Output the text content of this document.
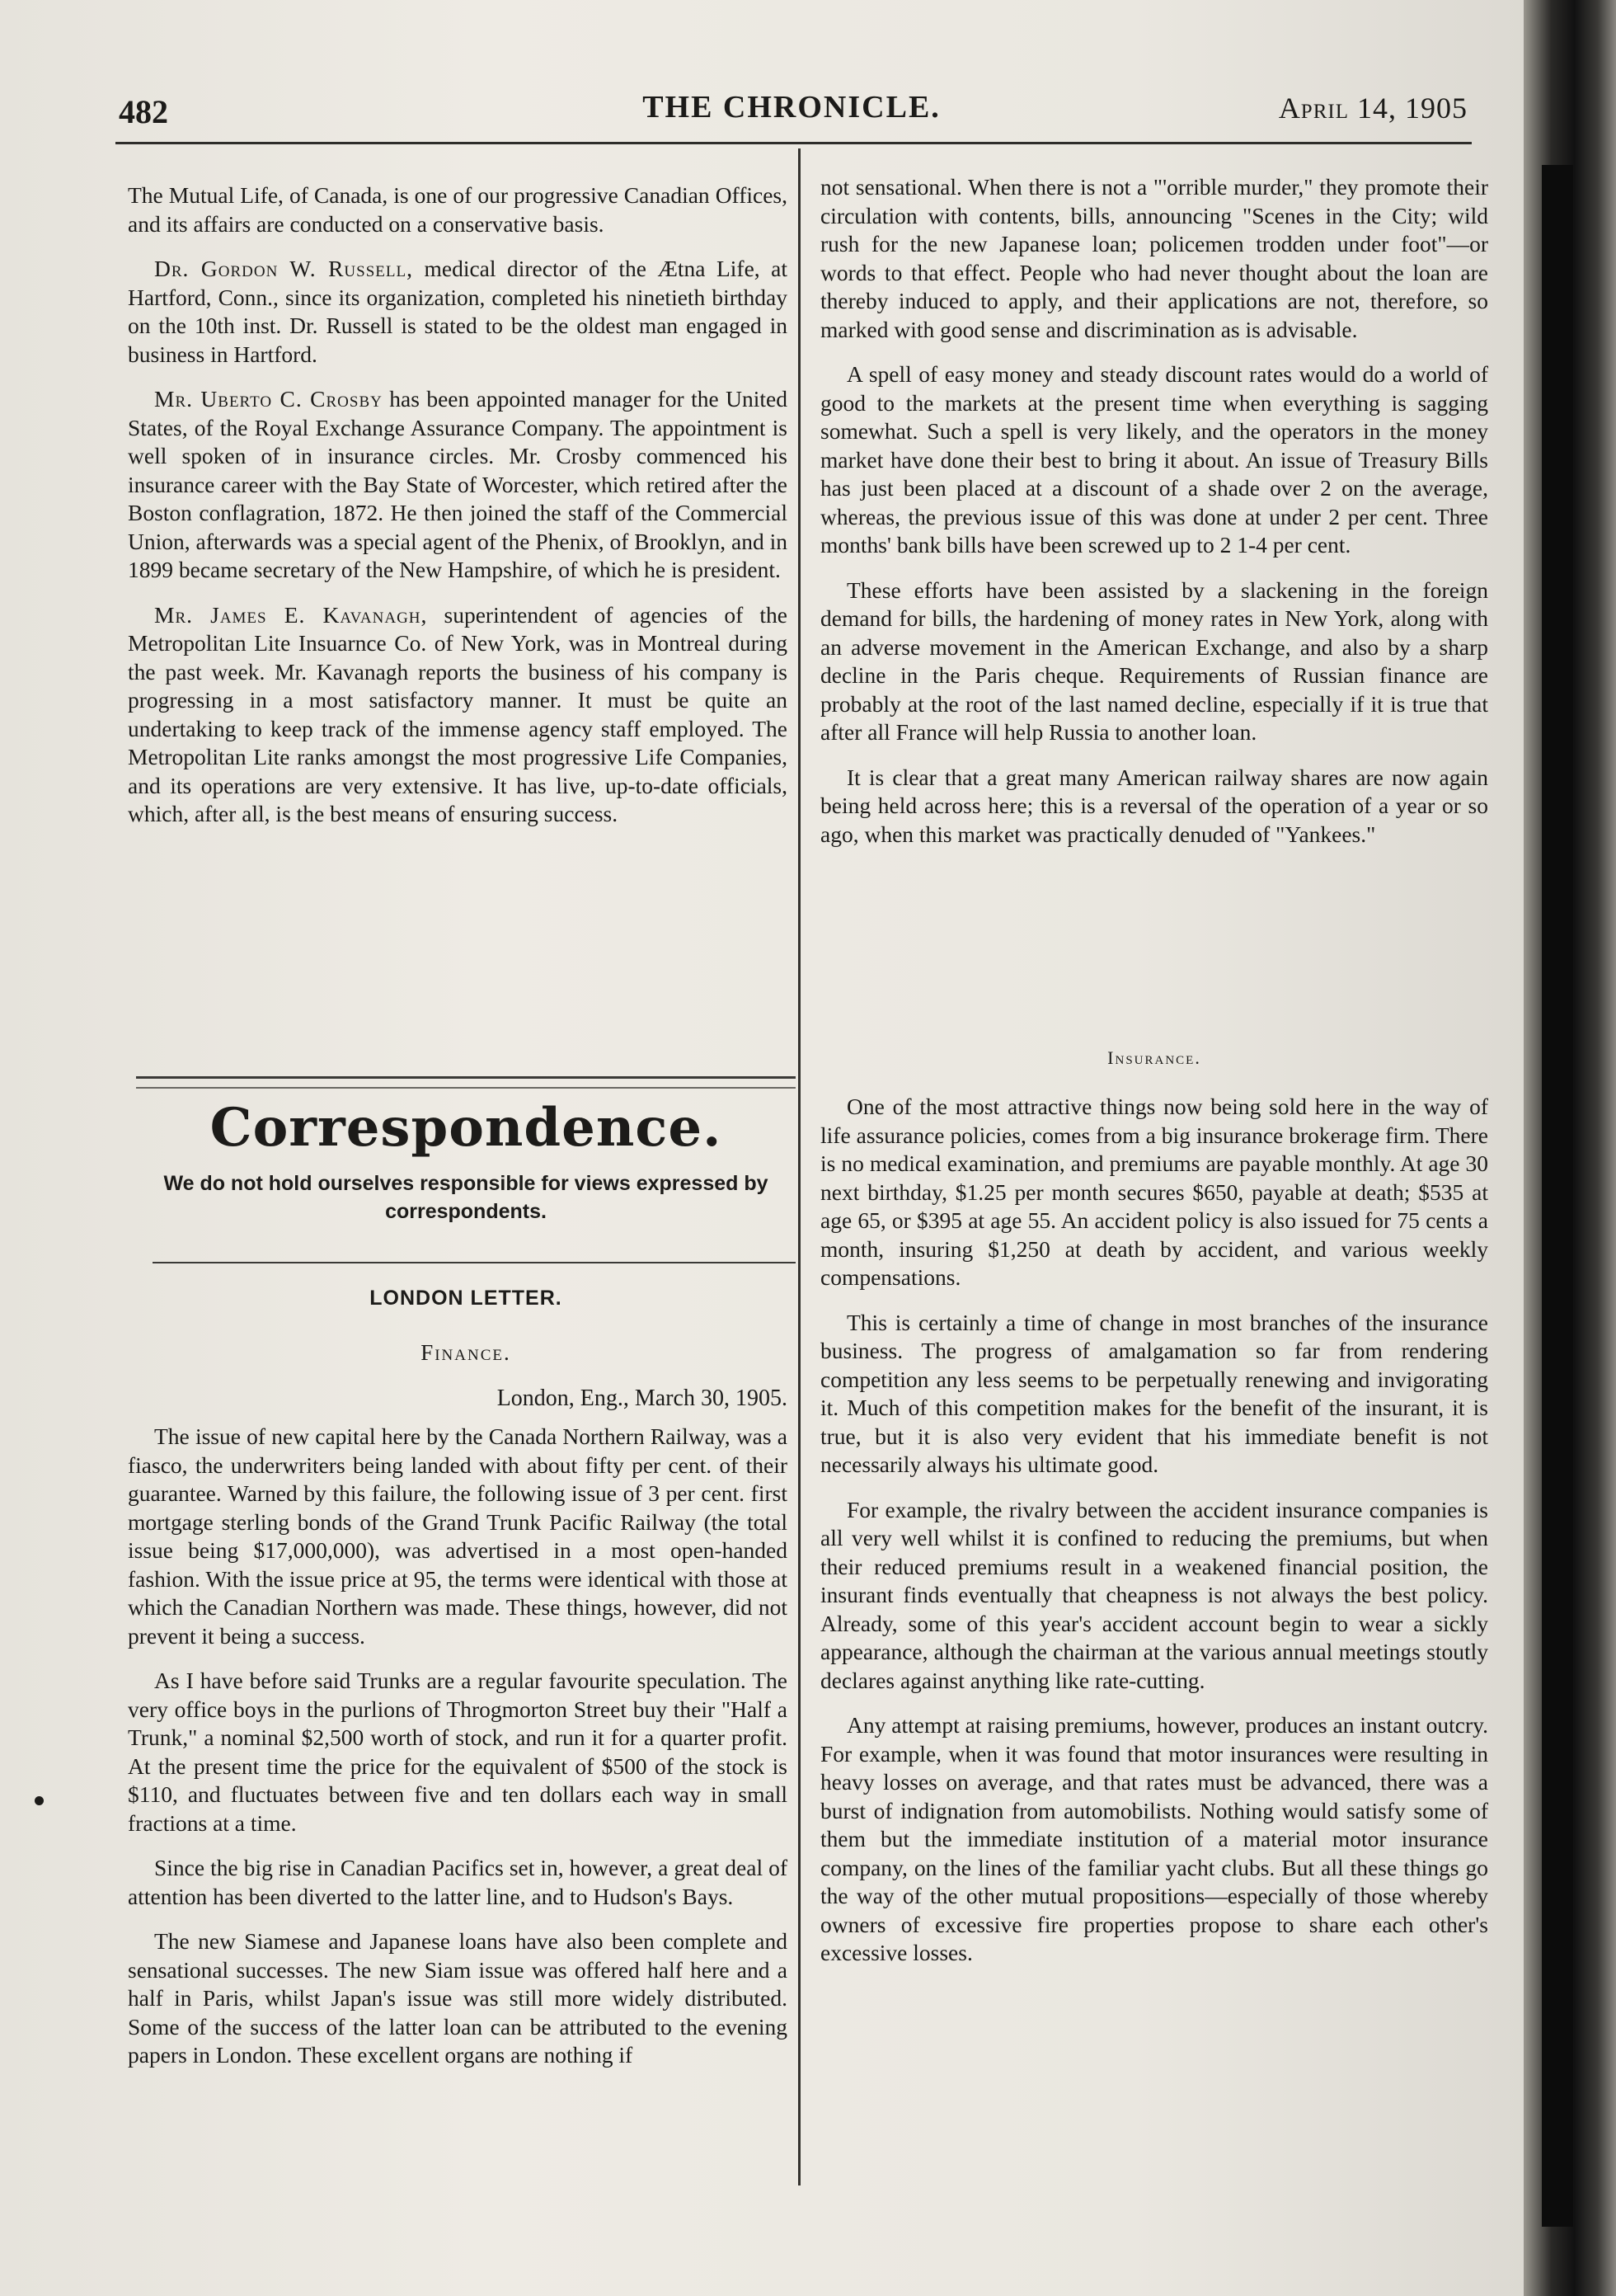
482	THE CHRONICLE.	April 14, 1905

The Mutual Life, of Canada, is one of our progressive Canadian Offices, and its affairs are conducted on a conservative basis.

Dr. Gordon W. Russell, medical director of the Ætna Life, at Hartford, Conn., since its organization, completed his ninetieth birthday on the 10th inst. Dr. Russell is stated to be the oldest man engaged in business in Hartford.

Mr. Uberto C. Crosby has been appointed manager for the United States, of the Royal Exchange Assurance Company. The appointment is well spoken of in insurance circles. Mr. Crosby commenced his insurance career with the Bay State of Worcester, which retired after the Boston conflagration, 1872. He then joined the staff of the Commercial Union, afterwards was a special agent of the Phenix, of Brooklyn, and in 1899 became secretary of the New Hampshire, of which he is president.

Mr. James E. Kavanagh, superintendent of agencies of the Metropolitan Lite Insuarnce Co. of New York, was in Montreal during the past week. Mr. Kavanagh reports the business of his company is progressing in a most satisfactory manner. It must be quite an undertaking to keep track of the immense agency staff employed. The Metropolitan Lite ranks amongst the most progressive Life Companies, and its operations are very extensive. It has live, up-to-date officials, which, after all, is the best means of ensuring success.

Correspondence.
We do not hold ourselves responsible for views expressed by correspondents.
LONDON LETTER.
Finance.
London, Eng., March 30, 1905.

The issue of new capital here by the Canada Northern Railway, was a fiasco, the underwriters being landed with about fifty per cent. of their guarantee. Warned by this failure, the following issue of 3 per cent. first mortgage sterling bonds of the Grand Trunk Pacific Railway (the total issue being $17,000,000), was advertised in a most open-handed fashion. With the issue price at 95, the terms were identical with those at which the Canadian Northern was made. These things, however, did not prevent it being a success.

As I have before said Trunks are a regular favourite speculation. The very office boys in the purlions of Throgmorton Street buy their "Half a Trunk," a nominal $2,500 worth of stock, and run it for a quarter profit. At the present time the price for the equivalent of $500 of the stock is $110, and fluctuates between five and ten dollars each way in small fractions at a time.

Since the big rise in Canadian Pacifics set in, however, a great deal of attention has been diverted to the latter line, and to Hudson's Bays.

The new Siamese and Japanese loans have also been complete and sensational successes. The new Siam issue was offered half here and a half in Paris, whilst Japan's issue was still more widely distributed. Some of the success of the latter loan can be attributed to the evening papers in London. These excellent organs are nothing if

not sensational. When there is not a "'orrible murder," they promote their circulation with contents, bills, announcing "Scenes in the City; wild rush for the new Japanese loan; policemen trodden under foot"—or words to that effect. People who had never thought about the loan are thereby induced to apply, and their applications are not, therefore, so marked with good sense and discrimination as is advisable.

A spell of easy money and steady discount rates would do a world of good to the markets at the present time when everything is sagging somewhat. Such a spell is very likely, and the operators in the money market have done their best to bring it about. An issue of Treasury Bills has just been placed at a discount of a shade over 2 on the average, whereas, the previous issue of this was done at under 2 per cent. Three months' bank bills have been screwed up to 2 1-4 per cent.

These efforts have been assisted by a slackening in the foreign demand for bills, the hardening of money rates in New York, along with an adverse movement in the American Exchange, and also by a sharp decline in the Paris cheque. Requirements of Russian finance are probably at the root of the last named decline, especially if it is true that after all France will help Russia to another loan.

It is clear that a great many American railway shares are now again being held across here; this is a reversal of the operation of a year or so ago, when this market was practically denuded of "Yankees."

Insurance.

One of the most attractive things now being sold here in the way of life assurance policies, comes from a big insurance brokerage firm. There is no medical examination, and premiums are payable monthly. At age 30 next birthday, $1.25 per month secures $650, payable at death; $535 at age 65, or $395 at age 55. An accident policy is also issued for 75 cents a month, insuring $1,250 at death by accident, and various weekly compensations.

This is certainly a time of change in most branches of the insurance business. The progress of amalgamation so far from rendering competition any less seems to be perpetually renewing and invigorating it. Much of this competition makes for the benefit of the insurant, it is true, but it is also very evident that his immediate benefit is not necessarily always his ultimate good.

For example, the rivalry between the accident insurance companies is all very well whilst it is confined to reducing the premiums, but when their reduced premiums result in a weakened financial position, the insurant finds eventually that cheapness is not always the best policy. Already, some of this year's accident account begin to wear a sickly appearance, although the chairman at the various annual meetings stoutly declares against anything like rate-cutting.

Any attempt at raising premiums, however, produces an instant outcry. For example, when it was found that motor insurances were resulting in heavy losses on average, and that rates must be advanced, there was a burst of indignation from automobilists. Nothing would satisfy some of them but the immediate institution of a material motor insurance company, on the lines of the familiar yacht clubs. But all these things go the way of the other mutual propositions—especially of those whereby owners of excessive fire properties propose to share each other's excessive losses.
